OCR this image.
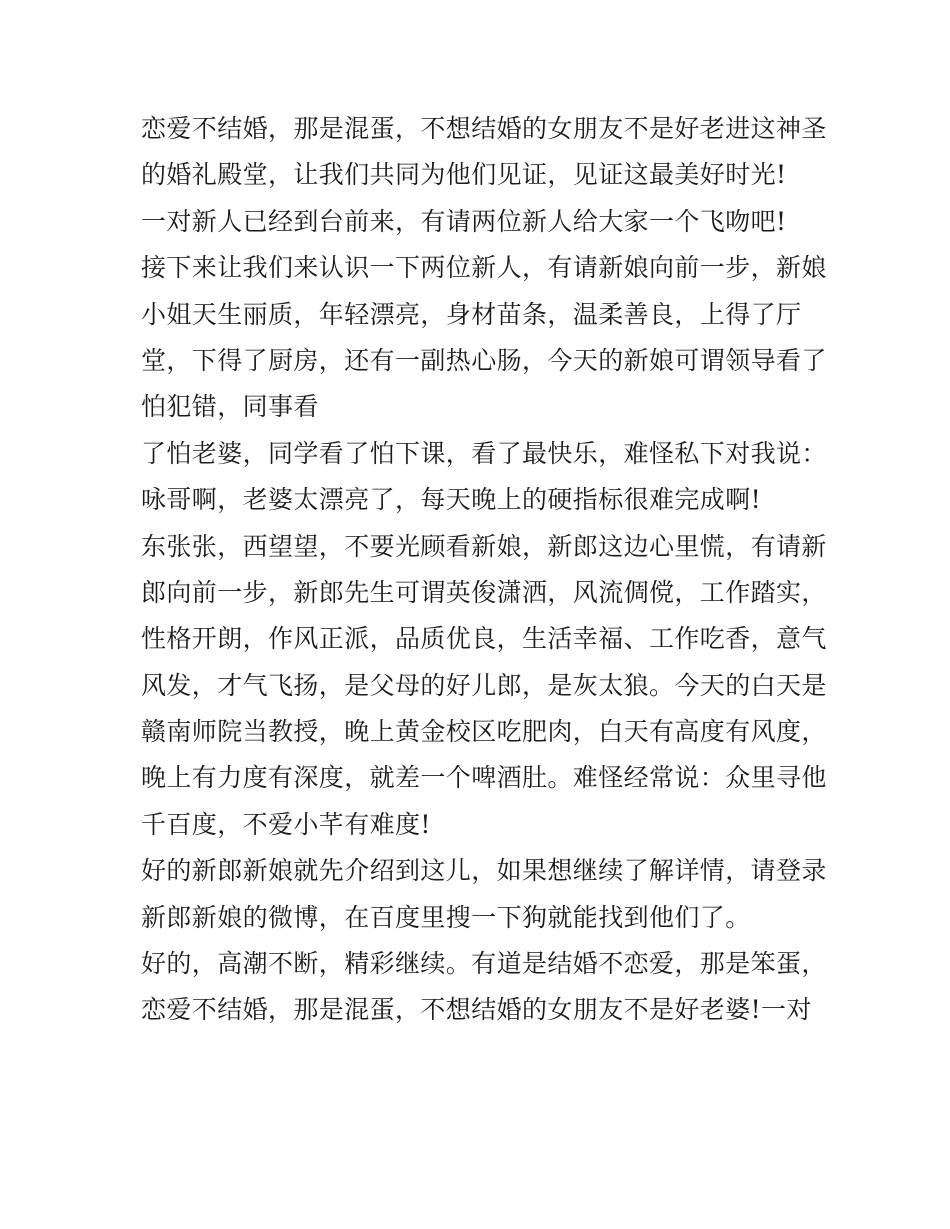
恋爱不结婚，那是混蛋，不想结婚的女朋友不是好老进这神圣

的婚礼殿堂，让我们共同为他们见证，见证这最美好时光!

一对新人已经到台前来，有请两位新人给大家一个飞吻吧!

接下来让我们来认识一下两位新人，有请新娘向前一步，新娘

小姐天生丽质，年轻漂亮，身材苗条，温柔善良，上得了厅

堂，下得了厨房，还有一副热心肠，今天的新娘可谓领导看了

怕犯错，同事看

了怕老婆，同学看了怕下课，看了最快乐，难怪私下对我说：

咏哥啊，老婆太漂亮了，每天晚上的硬指标很难完成啊!

东张张，西望望，不要光顾看新娘，新郎这边心里慌，有请新

郎向前一步，新郎先生可谓英俊潇洒，风流倜傥，工作踏实，

性格开朗，作风正派，品质优良，生活幸福、工作吃香，意气

风发，才气飞扬，是父母的好儿郎，是灰太狼。今天的白天是

赣南师院当教授，晚上黄金校区吃肥肉，白天有高度有风度，

晚上有力度有深度，就差一个啤酒肚。难怪经常说：众里寻他

千百度，不爱小芊有难度!

好的新郎新娘就先介绍到这儿，如果想继续了解详情，请登录

新郎新娘的微博，在百度里搜一下狗就能找到他们了。

好的，高潮不断，精彩继续。有道是结婚不恋爱，那是笨蛋，

恋爱不结婚，那是混蛋，不想结婚的女朋友不是好老婆!一对
